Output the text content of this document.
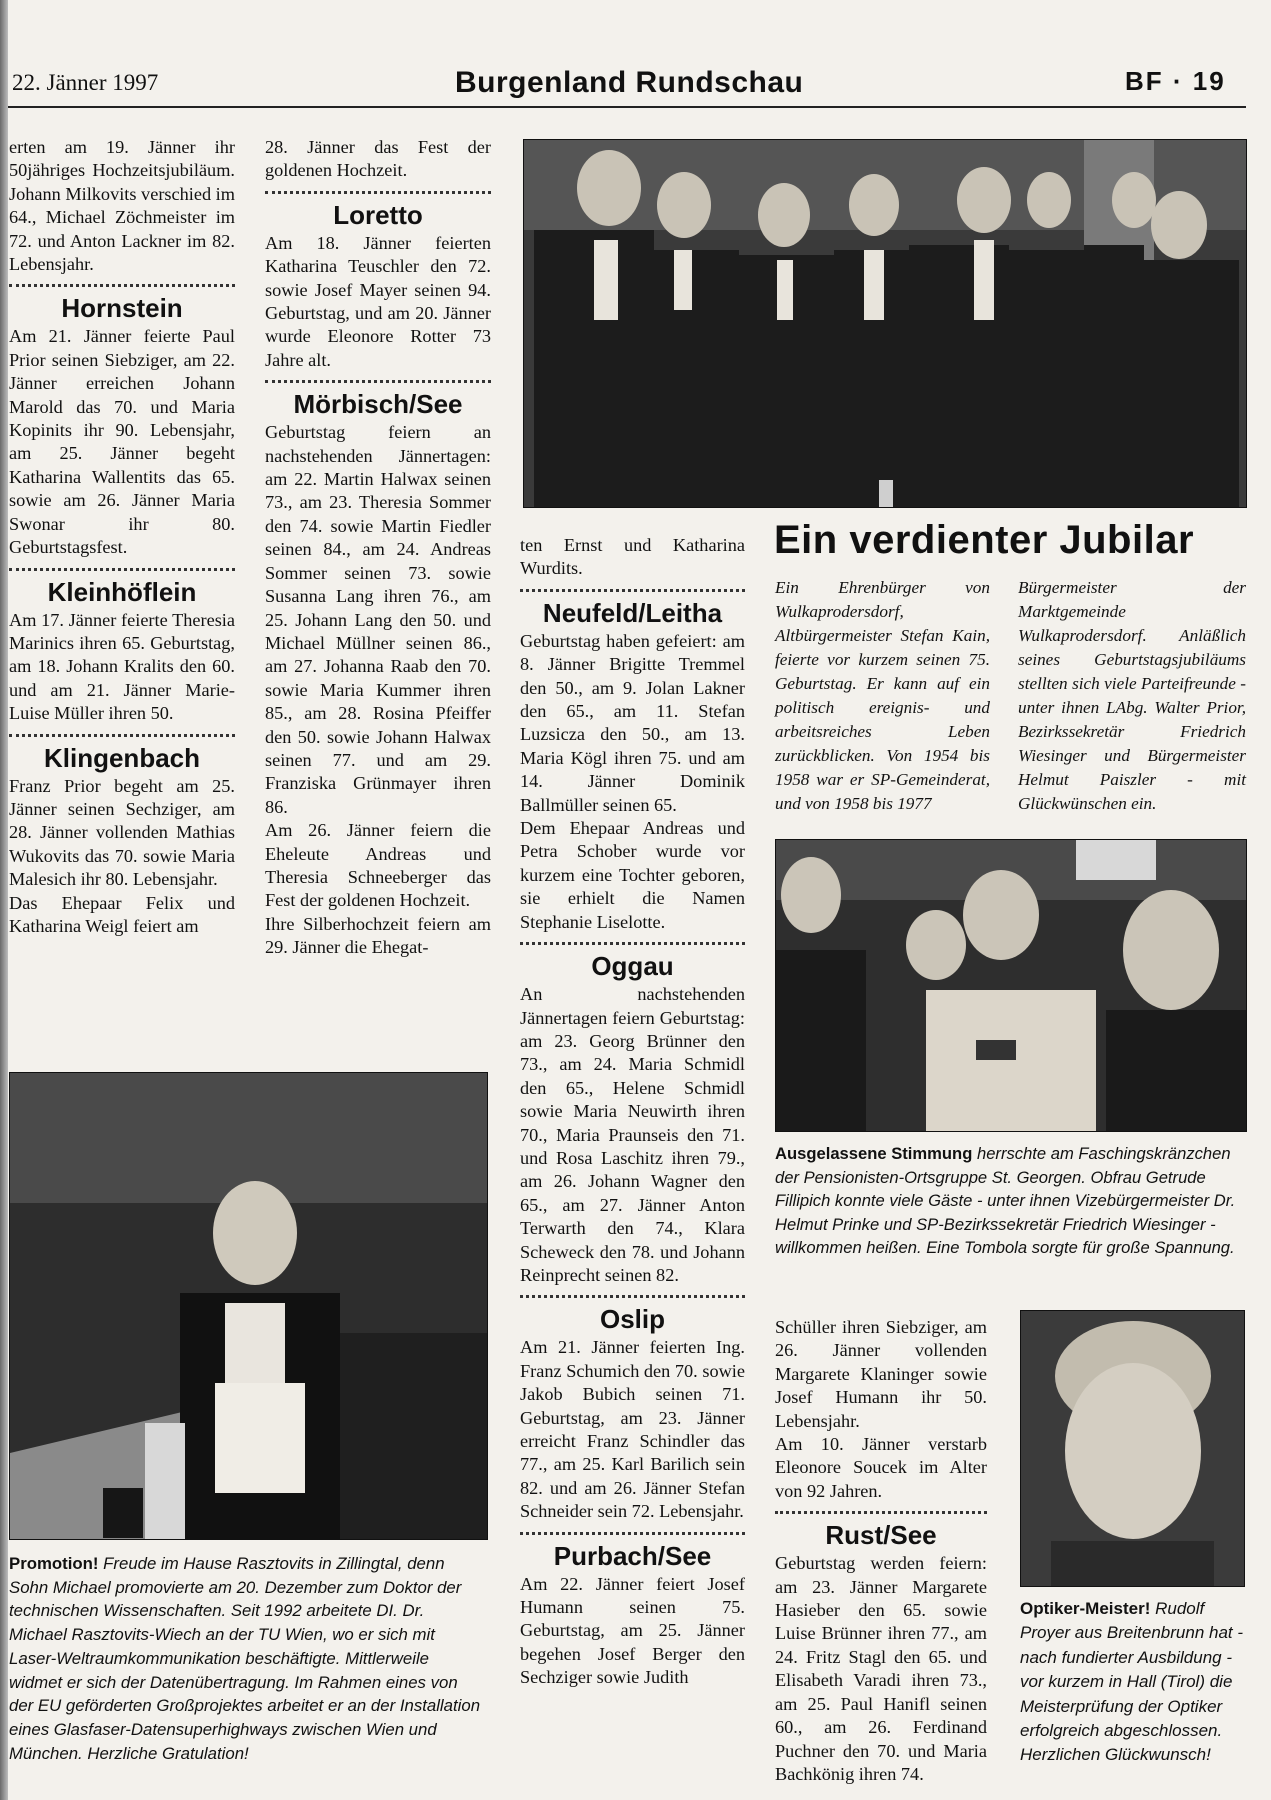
22. Jänner 1997	Burgenland Rundschau	BF · 19

erten am 19. Jänner ihr 50jähriges Hochzeitsjubiläum. Johann Milkovits verschied im 64., Michael Zöchmeister im 72. und Anton Lackner im 82. Lebensjahr.

Hornstein

Am 21. Jänner feierte Paul Prior seinen Siebziger, am 22. Jänner erreichen Johann Marold das 70. und Maria Kopinits ihr 90. Lebensjahr, am 25. Jänner begeht Katharina Wallentits das 65. sowie am 26. Jänner Maria Swonar ihr 80. Geburtstagsfest.

Kleinhöflein

Am 17. Jänner feierte Theresia Marinics ihren 65. Geburtstag, am 18. Johann Kralits den 60. und am 21. Jänner Marie-Luise Müller ihren 50.

Klingenbach

Franz Prior begeht am 25. Jänner seinen Sechziger, am 28. Jänner vollenden Mathias Wukovits das 70. sowie Maria Malesich ihr 80. Lebensjahr.

Das Ehepaar Felix und Katharina Weigl feiert am

28. Jänner das Fest der goldenen Hochzeit.

Loretto

Am 18. Jänner feierten Katharina Teuschler den 72. sowie Josef Mayer seinen 94. Geburtstag, und am 20. Jänner wurde Eleonore Rotter 73 Jahre alt.

Mörbisch/See

Geburtstag feiern an nachstehenden Jännertagen: am 22. Martin Halwax seinen 73., am 23. Theresia Sommer den 74. sowie Martin Fiedler seinen 84., am 24. Andreas Sommer seinen 73. sowie Susanna Lang ihren 76., am 25. Johann Lang den 50. und Michael Müllner seinen 86., am 27. Johanna Raab den 70. sowie Maria Kummer ihren 85., am 28. Rosina Pfeiffer den 50. sowie Johann Halwax seinen 77. und am 29. Franziska Grünmayer ihren 86.

Am 26. Jänner feiern die Eheleute Andreas und Theresia Schneeberger das Fest der goldenen Hochzeit.

Ihre Silberhochzeit feiern am 29. Jänner die Ehegat-

ten Ernst und Katharina Wurdits.

Neufeld/Leitha

Geburtstag haben gefeiert: am 8. Jänner Brigitte Tremmel den 50., am 9. Jolan Lakner den 65., am 11. Stefan Luzsicza den 50., am 13. Maria Kögl ihren 75. und am 14. Jänner Dominik Ballmüller seinen 65.

Dem Ehepaar Andreas und Petra Schober wurde vor kurzem eine Tochter geboren, sie erhielt die Namen Stephanie Liselotte.

Oggau

An nachstehenden Jännertagen feiern Geburtstag: am 23. Georg Brünner den 73., am 24. Maria Schmidl den 65., Helene Schmidl sowie Maria Neuwirth ihren 70., Maria Praunseis den 71. und Rosa Laschitz ihren 79., am 26. Johann Wagner den 65., am 27. Jänner Anton Terwarth den 74., Klara Scheweck den 78. und Johann Reinprecht seinen 82.

Oslip

Am 21. Jänner feierten Ing. Franz Schumich den 70. sowie Jakob Bubich seinen 71. Geburtstag, am 23. Jänner erreicht Franz Schindler das 77., am 25. Karl Barilich sein 82. und am 26. Jänner Stefan Schneider sein 72. Lebensjahr.

Purbach/See

Am 22. Jänner feiert Josef Humann seinen 75. Geburtstag, am 25. Jänner begehen Josef Berger den Sechziger sowie Judith

Ein verdienter Jubilar

Ein Ehrenbürger von Wulkaprodersdorf, Altbürgermeister Stefan Kain, feierte vor kurzem seinen 75. Geburtstag. Er kann auf ein politisch ereignis- und arbeitsreiches Leben zurückblicken. Von 1954 bis 1958 war er SP-Gemeinderat, und von 1958 bis 1977

Bürgermeister der Marktgemeinde Wulkaprodersdorf. Anläßlich seines Geburtstagsjubiläums stellten sich viele Parteifreunde - unter ihnen LAbg. Walter Prior, Bezirkssekretär Friedrich Wiesinger und Bürgermeister Helmut Paiszler - mit Glückwünschen ein.

Ausgelassene Stimmung herrschte am Faschingskränzchen der Pensionisten-Ortsgruppe St. Georgen. Obfrau Getrude Fillipich konnte viele Gäste - unter ihnen Vizebürgermeister Dr. Helmut Prinke und SP-Bezirkssekretär Friedrich Wiesinger - willkommen heißen. Eine Tombola sorgte für große Spannung.

Schüller ihren Siebziger, am 26. Jänner vollenden Margarete Klaninger sowie Josef Humann ihr 50. Lebensjahr.

Am 10. Jänner verstarb Eleonore Soucek im Alter von 92 Jahren.

Rust/See

Geburtstag werden feiern: am 23. Jänner Margarete Hasieber den 65. sowie Luise Brünner ihren 77., am 24. Fritz Stagl den 65. und Elisabeth Varadi ihren 73., am 25. Paul Hanifl seinen 60., am 26. Ferdinand Puchner den 70. und Maria Bachkönig ihren 74.

Optiker-Meister! Rudolf Proyer aus Breitenbrunn hat - nach fundierter Ausbildung - vor kurzem in Hall (Tirol) die Meisterprüfung der Optiker erfolgreich abgeschlossen. Herzlichen Glückwunsch!
Promotion! Freude im Hause Rasztovits in Zillingtal, denn Sohn Michael promovierte am 20. Dezember zum Doktor der technischen Wissenschaften. Seit 1992 arbeitete DI. Dr. Michael Rasztovits-Wiech an der TU Wien, wo er sich mit Laser-Weltraumkommunikation beschäftigte. Mittlerweile widmet er sich der Datenübertragung. Im Rahmen eines von der EU geförderten Großprojektes arbeitet er an der Installation eines Glasfaser-Datensuperhighways zwischen Wien und München. Herzliche Gratulation!
